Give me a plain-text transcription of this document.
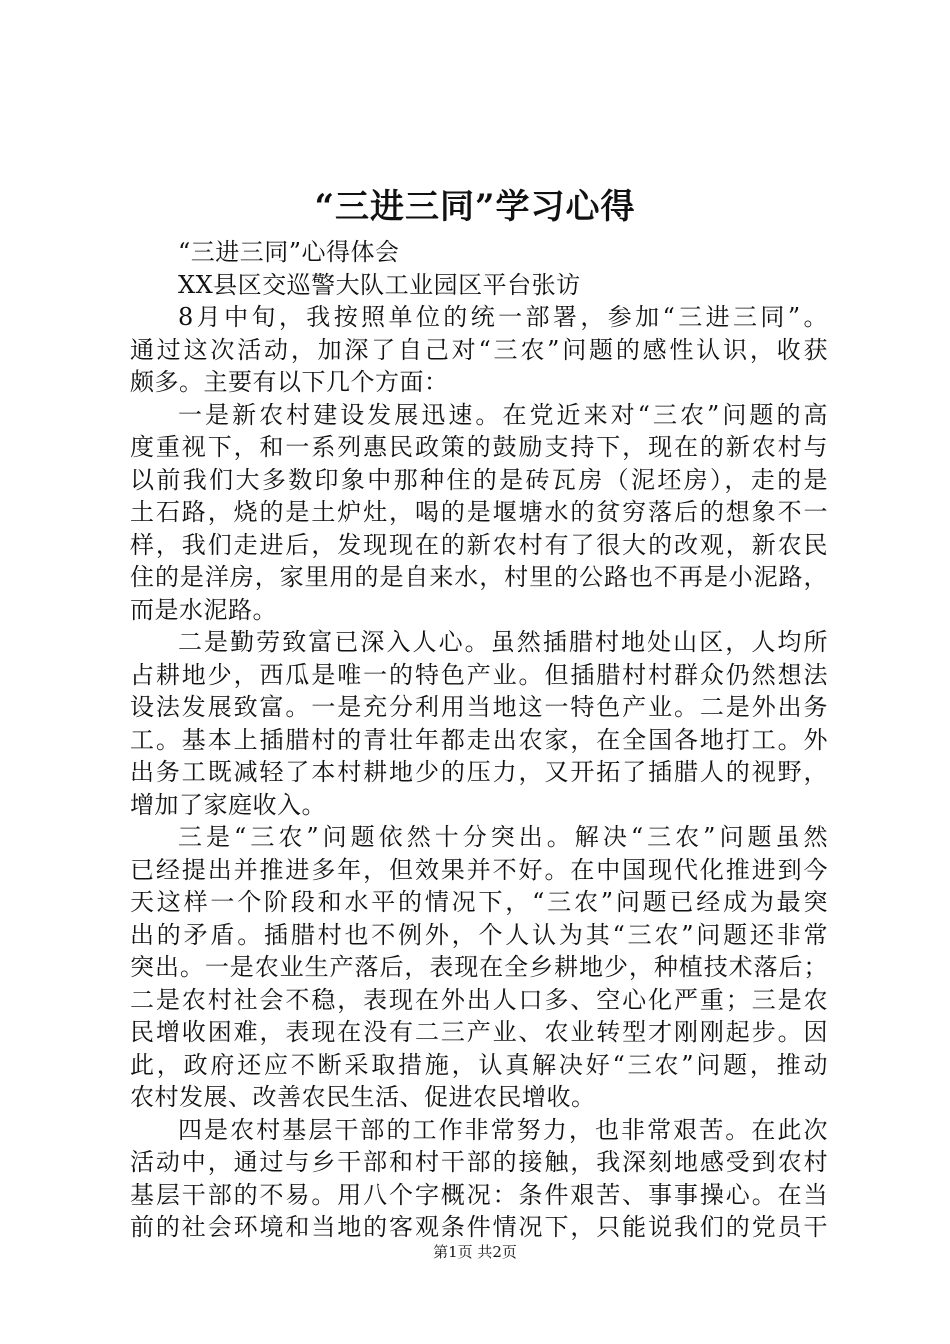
“三进三同”学习心得
“三进三同”心得体会
XX县区交巡警大队工业园区平台张访
8月中旬，我按照单位的统一部署，参加“三进三同”。
通过这次活动，加深了自己对“三农”问题的感性认识，收获
颇多。主要有以下几个方面：
一是新农村建设发展迅速。在党近来对“三农”问题的高
度重视下，和一系列惠民政策的鼓励支持下，现在的新农村与
以前我们大多数印象中那种住的是砖瓦房（泥坯房），走的是
土石路，烧的是土炉灶，喝的是堰塘水的贫穷落后的想象不一
样，我们走进后，发现现在的新农村有了很大的改观，新农民
住的是洋房，家里用的是自来水，村里的公路也不再是小泥路，
而是水泥路。
二是勤劳致富已深入人心。虽然插腊村地处山区，人均所
占耕地少，西瓜是唯一的特色产业。但插腊村村群众仍然想法
设法发展致富。一是充分利用当地这一特色产业。二是外出务
工。基本上插腊村的青壮年都走出农家，在全国各地打工。外
出务工既减轻了本村耕地少的压力，又开拓了插腊人的视野，
增加了家庭收入。
三是“三农”问题依然十分突出。解决“三农”问题虽然
已经提出并推进多年，但效果并不好。在中国现代化推进到今
天这样一个阶段和水平的情况下，“三农”问题已经成为最突
出的矛盾。插腊村也不例外，个人认为其“三农”问题还非常
突出。一是农业生产落后，表现在全乡耕地少，种植技术落后；
二是农村社会不稳，表现在外出人口多、空心化严重；三是农
民增收困难，表现在没有二三产业、农业转型才刚刚起步。因
此，政府还应不断采取措施，认真解决好“三农”问题，推动
农村发展、改善农民生活、促进农民增收。
四是农村基层干部的工作非常努力，也非常艰苦。在此次
活动中，通过与乡干部和村干部的接触，我深刻地感受到农村
基层干部的不易。用八个字概况：条件艰苦、事事操心。在当
前的社会环境和当地的客观条件情况下，只能说我们的党员干
第1页 共2页
